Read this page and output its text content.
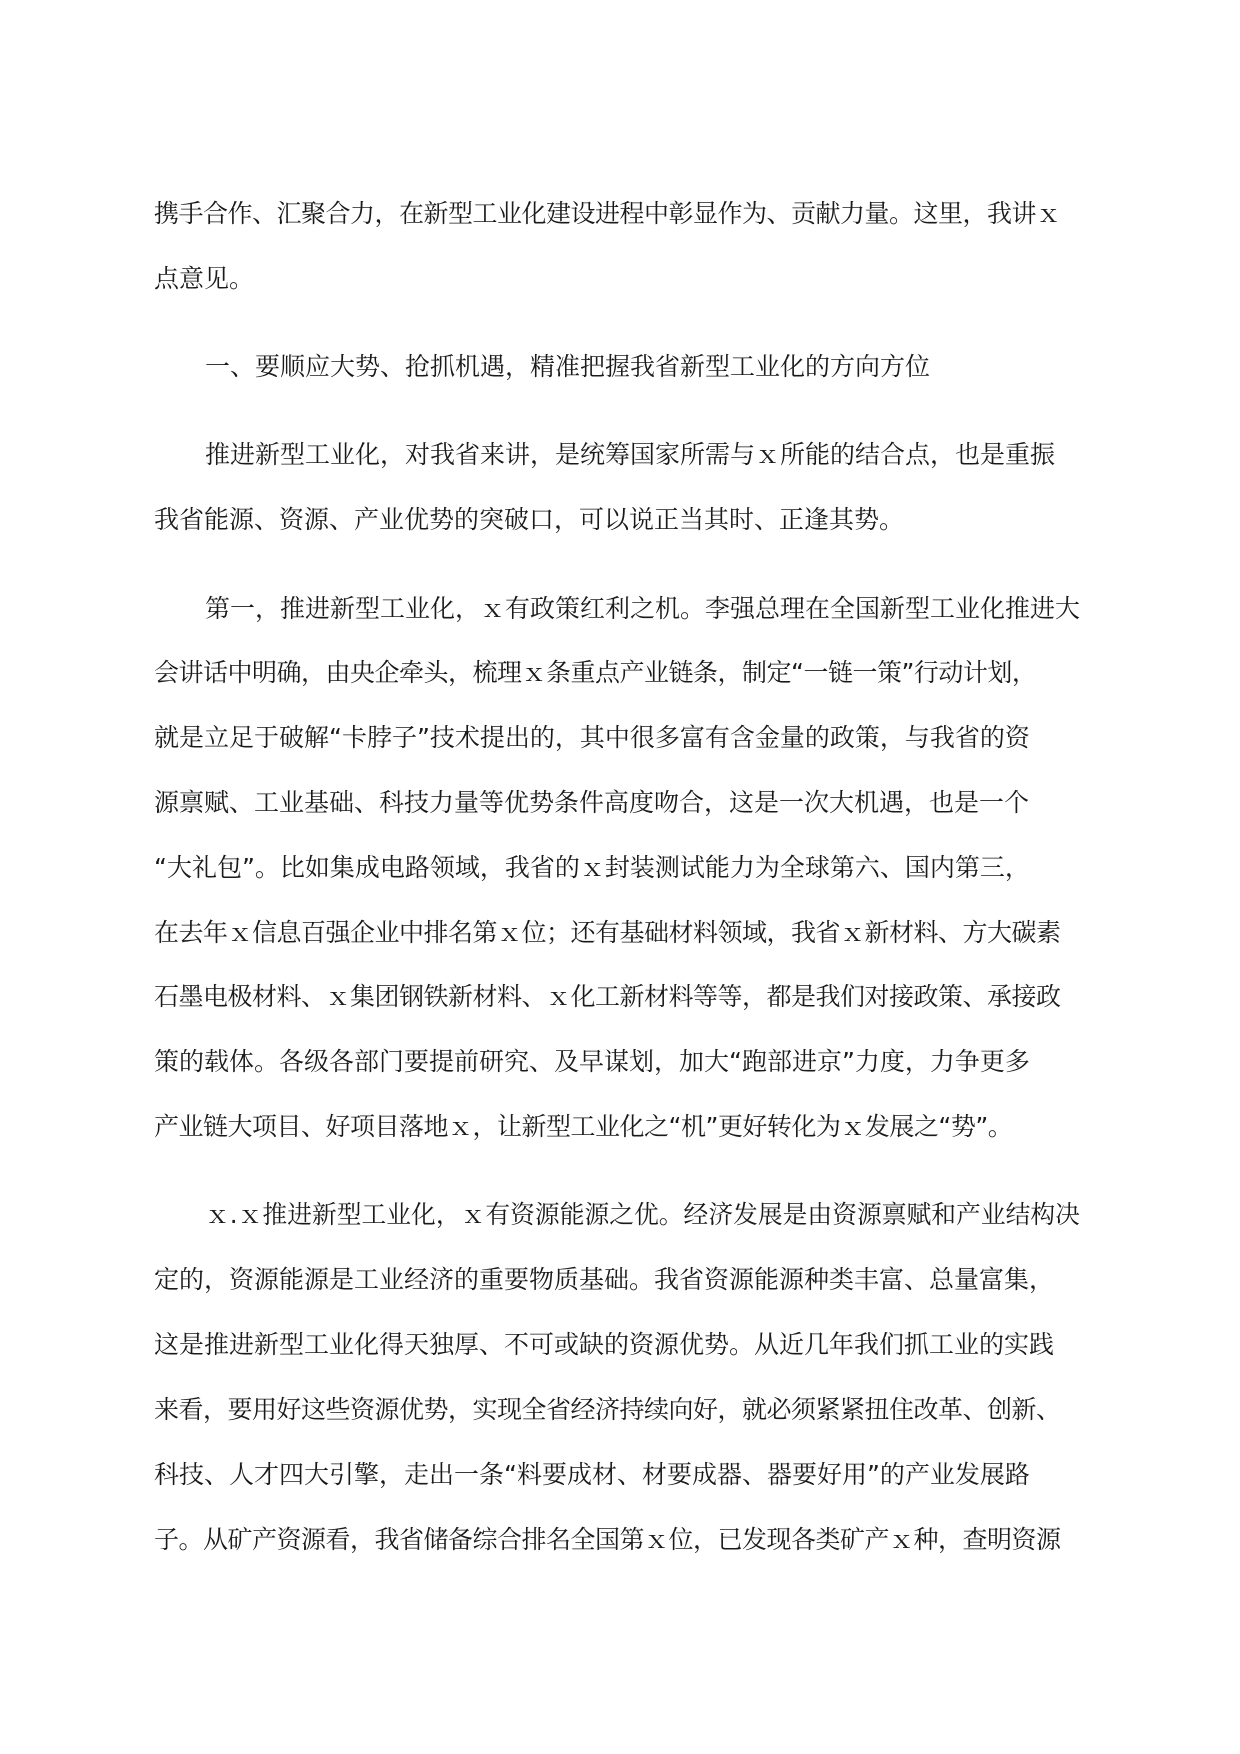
携手合作、汇聚合力，在新型工业化建设进程中彰显作为、贡献力量。这里，我讲ｘ
点意见。
一、要顺应大势、抢抓机遇，精准把握我省新型工业化的方向方位
推进新型工业化，对我省来讲，是统筹国家所需与ｘ所能的结合点，也是重振
我省能源、资源、产业优势的突破口，可以说正当其时、正逢其势。
第一，推进新型工业化，ｘ有政策红利之机。李强总理在全国新型工业化推进大
会讲话中明确，由央企牵头，梳理ｘ条重点产业链条，制定“一链一策”行动计划，
就是立足于破解“卡脖子”技术提出的，其中很多富有含金量的政策，与我省的资
源禀赋、工业基础、科技力量等优势条件高度吻合，这是一次大机遇，也是一个
“大礼包”。比如集成电路领域，我省的ｘ封装测试能力为全球第六、国内第三，
在去年ｘ信息百强企业中排名第ｘ位；还有基础材料领域，我省ｘ新材料、方大碳素
石墨电极材料、ｘ集团钢铁新材料、ｘ化工新材料等等，都是我们对接政策、承接政
策的载体。各级各部门要提前研究、及早谋划，加大“跑部进京”力度，力争更多
产业链大项目、好项目落地ｘ，让新型工业化之“机”更好转化为ｘ发展之“势”。
ｘ.ｘ推进新型工业化，ｘ有资源能源之优。经济发展是由资源禀赋和产业结构决
定的，资源能源是工业经济的重要物质基础。我省资源能源种类丰富、总量富集，
这是推进新型工业化得天独厚、不可或缺的资源优势。从近几年我们抓工业的实践
来看，要用好这些资源优势，实现全省经济持续向好，就必须紧紧扭住改革、创新、
科技、人才四大引擎，走出一条“料要成材、材要成器、器要好用”的产业发展路
子。从矿产资源看，我省储备综合排名全国第ｘ位，已发现各类矿产ｘ种，查明资源
